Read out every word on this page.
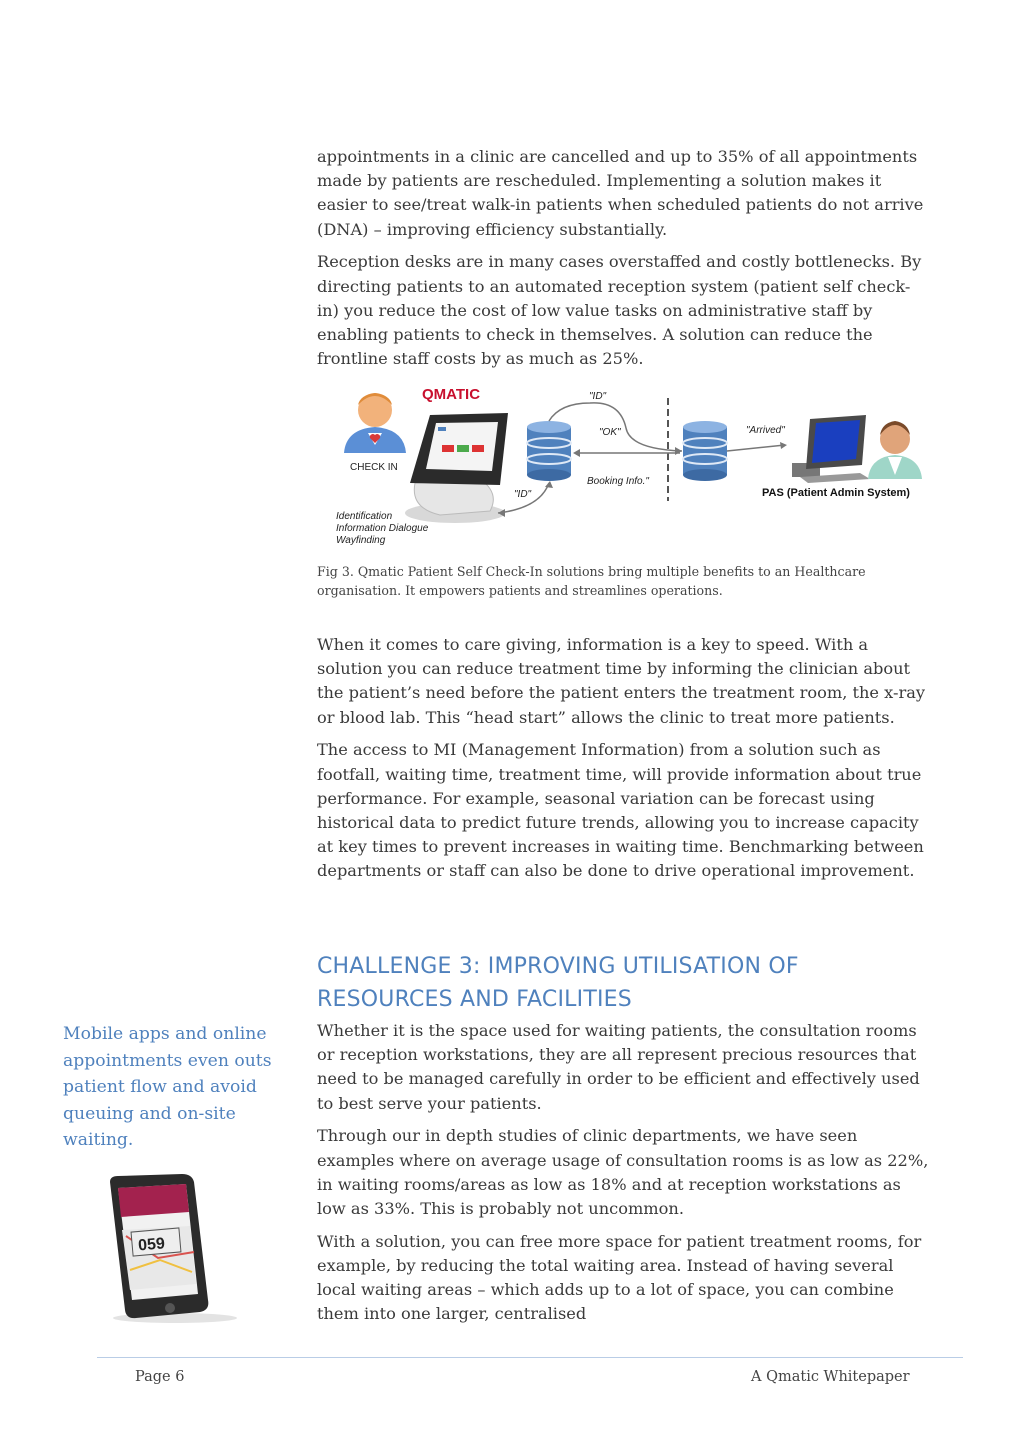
appointments in a clinic are cancelled and up to 35% of all appointments made by patients are rescheduled. Implementing a solution makes it easier to see/treat walk-in patients when scheduled patients do not arrive (DNA) – improving efficiency substantially.

Reception desks are in many cases overstaffed and costly bottlenecks. By directing patients to an automated reception system (patient self check-in) you reduce the cost of low value tasks on administrative staff by enabling patients to check in themselves. A solution can reduce the frontline staff costs by as much as 25%.

CHECK IN
QMATIC	"ID"
"OK"
Booking Info."
"ID"
"Arrived"
PAS (Patient Admin System)
Identification
Information Dialogue
Wayfinding
Fig 3. Qmatic Patient Self Check-In solutions bring multiple benefits to an Healthcare organisation. It empowers patients and streamlines operations.

When it comes to care giving, information is a key to speed. With a solution you can reduce treatment time by informing the clinician about the patient’s need before the patient enters the treatment room, the x-ray or blood lab. This “head start” allows the clinic to treat more patients.

The access to MI (Management Information) from a solution such as footfall, waiting time, treatment time, will provide information about true performance. For example, seasonal variation can be forecast using historical data to predict future trends, allowing you to increase capacity at key times to prevent increases in waiting time. Benchmarking between departments or staff can also be done to drive operational improvement.

CHALLENGE 3: IMPROVING UTILISATION OF
RESOURCES AND FACILITIES

Whether it is the space used for waiting patients, the consultation rooms or reception workstations, they are all represent precious resources that need to be managed carefully in order to be efficient and effectively used to best serve your patients.

Through our in depth studies of clinic departments, we have seen examples where on average usage of consultation rooms is as low as 22%, in waiting rooms/areas as low as 18% and at reception workstations as low as 33%. This is probably not uncommon.

With a solution, you can free more space for patient treatment rooms, for example, by reducing the total waiting area. Instead of having several local waiting areas – which adds up to a lot of space, you can combine them into one larger, centralised

Mobile apps and online appointments even outs patient flow and avoid queuing and on-site waiting.
059
Page 6	A Qmatic Whitepaper
